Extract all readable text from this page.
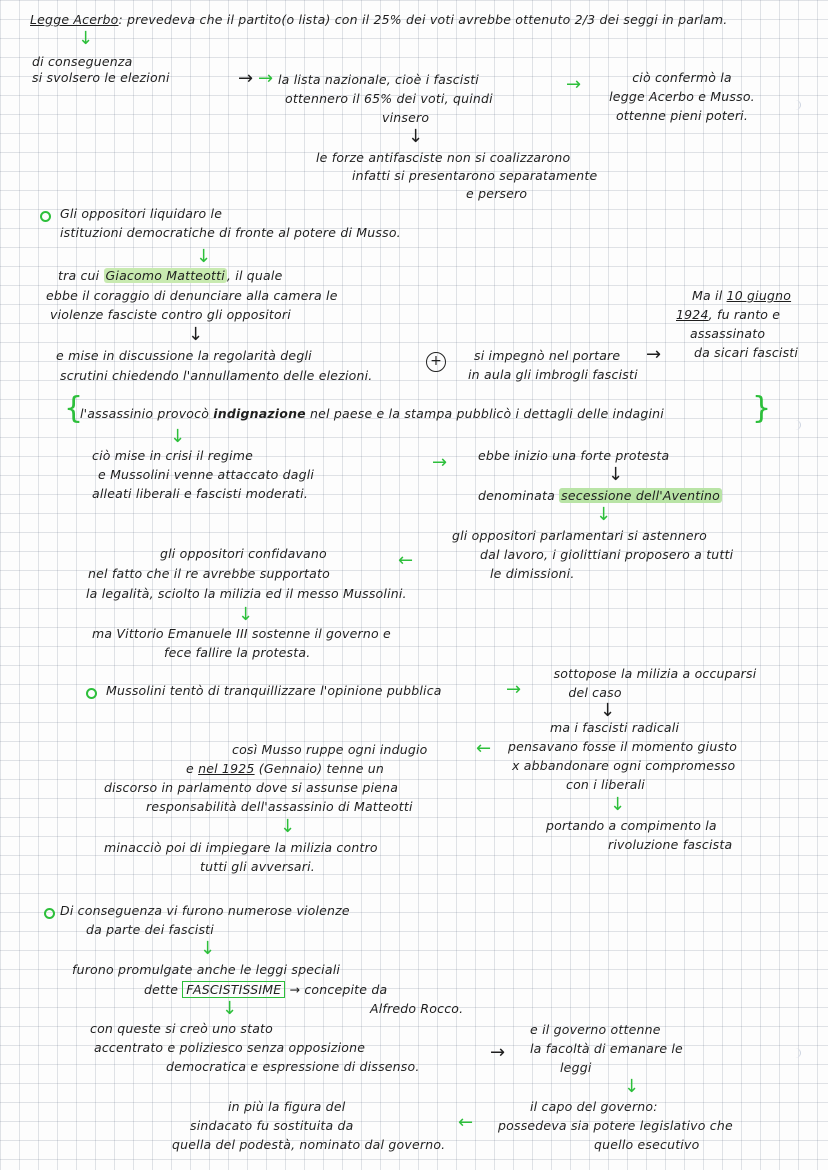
Legge Acerbo: prevedeva che il partito(o lista) con il 25% dei voti avrebbe ottenuto 2/3 dei seggi in parlam.
↓
di conseguenza
si svolsero le elezioni	→ → la lista nazionale, cioè i fascisti
ottennero il 65% dei voti, quindi
vinsero
→	ciò confermò la
legge Acerbo e Musso.
ottenne pieni poteri.
↓
le forze antifasciste non si coalizzarono
infatti si presentarono separatamente
e persero
Gli oppositori liquidaro le
istituzioni democratiche di fronte al potere di Musso.
↓
tra cui Giacomo Matteotti , il quale
ebbe il coraggio di denunciare alla camera le
violenze fasciste contro gli oppositori
Ma il 10 giugno
1924, fu ranto e
assassinato
da sicari fascisti
↓
e mise in discussione la regolarità degli
scrutini chiedendo l'annullamento delle elezioni.
+	si impegnò nel portare
in aula gli imbrogli fascisti
→
{
l'assassinio provocò indignazione nel paese e la stampa pubblicò i dettagli delle indagini	}
↓
ciò mise in crisi il regime
e Mussolini venne attaccato dagli
alleati liberali e fascisti moderati.
→ ebbe inizio una forte protesta
↓
denominata secessione dell'Aventino
↓
gli oppositori parlamentari si astennero
dal lavoro, i giolittiani proposero a tutti
le dimissioni.
←
gli oppositori confidavano
nel fatto che il re avrebbe supportato
la legalità, sciolto la milizia ed il messo Mussolini.
↓
ma Vittorio Emanuele III sostenne il governo e
fece fallire la protesta.
Mussolini tentò di tranquillizzare l'opinione pubblica	→
sottopose la milizia a occuparsi
del caso
↓
ma i fascisti radicali
pensavano fosse il momento giusto
x abbandonare ogni compromesso
con i liberali
↓
portando a compimento la
rivoluzione fascista
←
così Musso ruppe ogni indugio
e nel 1925 (Gennaio) tenne un
discorso in parlamento dove si assunse piena
responsabilità dell'assassinio di Matteotti
↓
minacciò poi di impiegare la milizia contro
tutti gli avversari.
Di conseguenza vi furono numerose violenze
da parte dei fascisti
↓
furono promulgate anche le leggi speciali
dette FASCISTISSIME → concepite da
Alfredo Rocco.
↓
con queste si creò uno stato
accentrato e poliziesco senza opposizione
democratica e espressione di dissenso.
→
e il governo ottenne
la facoltà di emanare le
leggi
↓
il capo del governo:
possedeva sia potere legislativo che
quello esecutivo
←
in più la figura del
sindacato fu sostituita da
quella del podestà, nominato dal governo.
